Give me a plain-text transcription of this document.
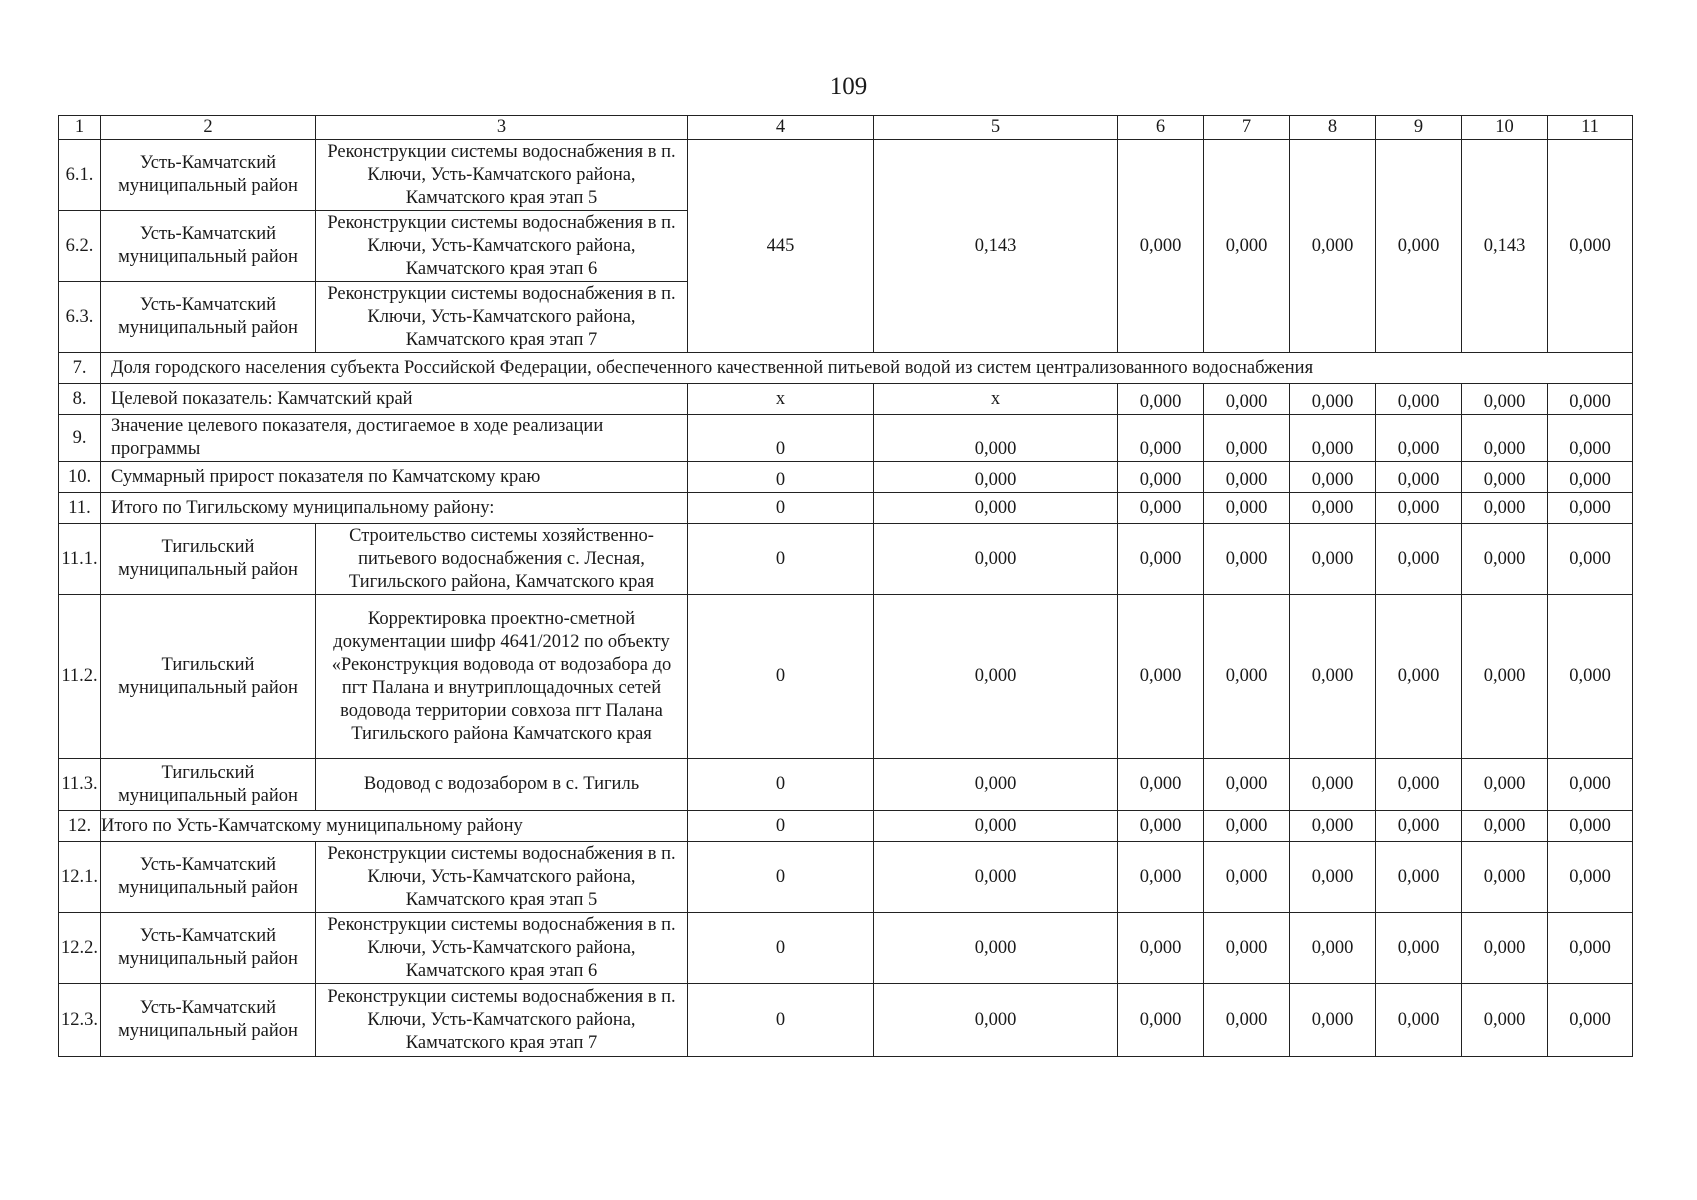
109
1	2	3	4	5	6	7	8	9	10	11
6.1.	Усть-Камчатский муниципальный район	Реконструкции системы водоснабжения в п. Ключи, Усть-Камчатского района, Камчатского края этап 5	445	0,143	0,000	0,000	0,000	0,000	0,143	0,000
6.2.	Усть-Камчатский муниципальный район	Реконструкции системы водоснабжения в п. Ключи, Усть-Камчатского района, Камчатского края этап 6								
6.3.	Усть-Камчатский муниципальный район	Реконструкции системы водоснабжения в п. Ключи, Усть-Камчатского района, Камчатского края этап 7								
7.	Доля городского населения субъекта Российской Федерации, обеспеченного качественной питьевой водой из систем централизованного водоснабжения									
8.	Целевой показатель: Камчатский край		x	x	0,000	0,000	0,000	0,000	0,000	0,000
9.	Значение целевого показателя, достигаемое в ходе реализации программы		0	0,000	0,000	0,000	0,000	0,000	0,000	0,000
10.	Суммарный прирост показателя по Камчатскому краю		0	0,000	0,000	0,000	0,000	0,000	0,000	0,000
11.	Итого по Тигильскому муниципальному району:		0	0,000	0,000	0,000	0,000	0,000	0,000	0,000
11.1.	Тигильский муниципальный район	Строительство системы хозяйственно-питьевого водоснабжения с. Лесная, Тигильского района, Камчатского края	0	0,000	0,000	0,000	0,000	0,000	0,000	0,000
11.2.	Тигильский муниципальный район	Корректировка проектно-сметной документации шифр 4641/2012 по объекту «Реконструкция водовода от водозабора до пгт Палана и внутриплощадочных сетей водовода территории совхоза пгт Палана Тигильского района Камчатского края	0	0,000	0,000	0,000	0,000	0,000	0,000	0,000
11.3.	Тигильский муниципальный район	Водовод с водозабором в с. Тигиль	0	0,000	0,000	0,000	0,000	0,000	0,000	0,000
12.	Итого по Усть-Камчатскому муниципальному району		0	0,000	0,000	0,000	0,000	0,000	0,000	0,000
12.1.	Усть-Камчатский муниципальный район	Реконструкции системы водоснабжения в п. Ключи, Усть-Камчатского района, Камчатского края этап 5	0	0,000	0,000	0,000	0,000	0,000	0,000	0,000
12.2.	Усть-Камчатский муниципальный район	Реконструкции системы водоснабжения в п. Ключи, Усть-Камчатского района, Камчатского края этап 6	0	0,000	0,000	0,000	0,000	0,000	0,000	0,000
12.3.	Усть-Камчатский муниципальный район	Реконструкции системы водоснабжения в п. Ключи, Усть-Камчатского района, Камчатского края этап 7	0	0,000	0,000	0,000	0,000	0,000	0,000	0,000
